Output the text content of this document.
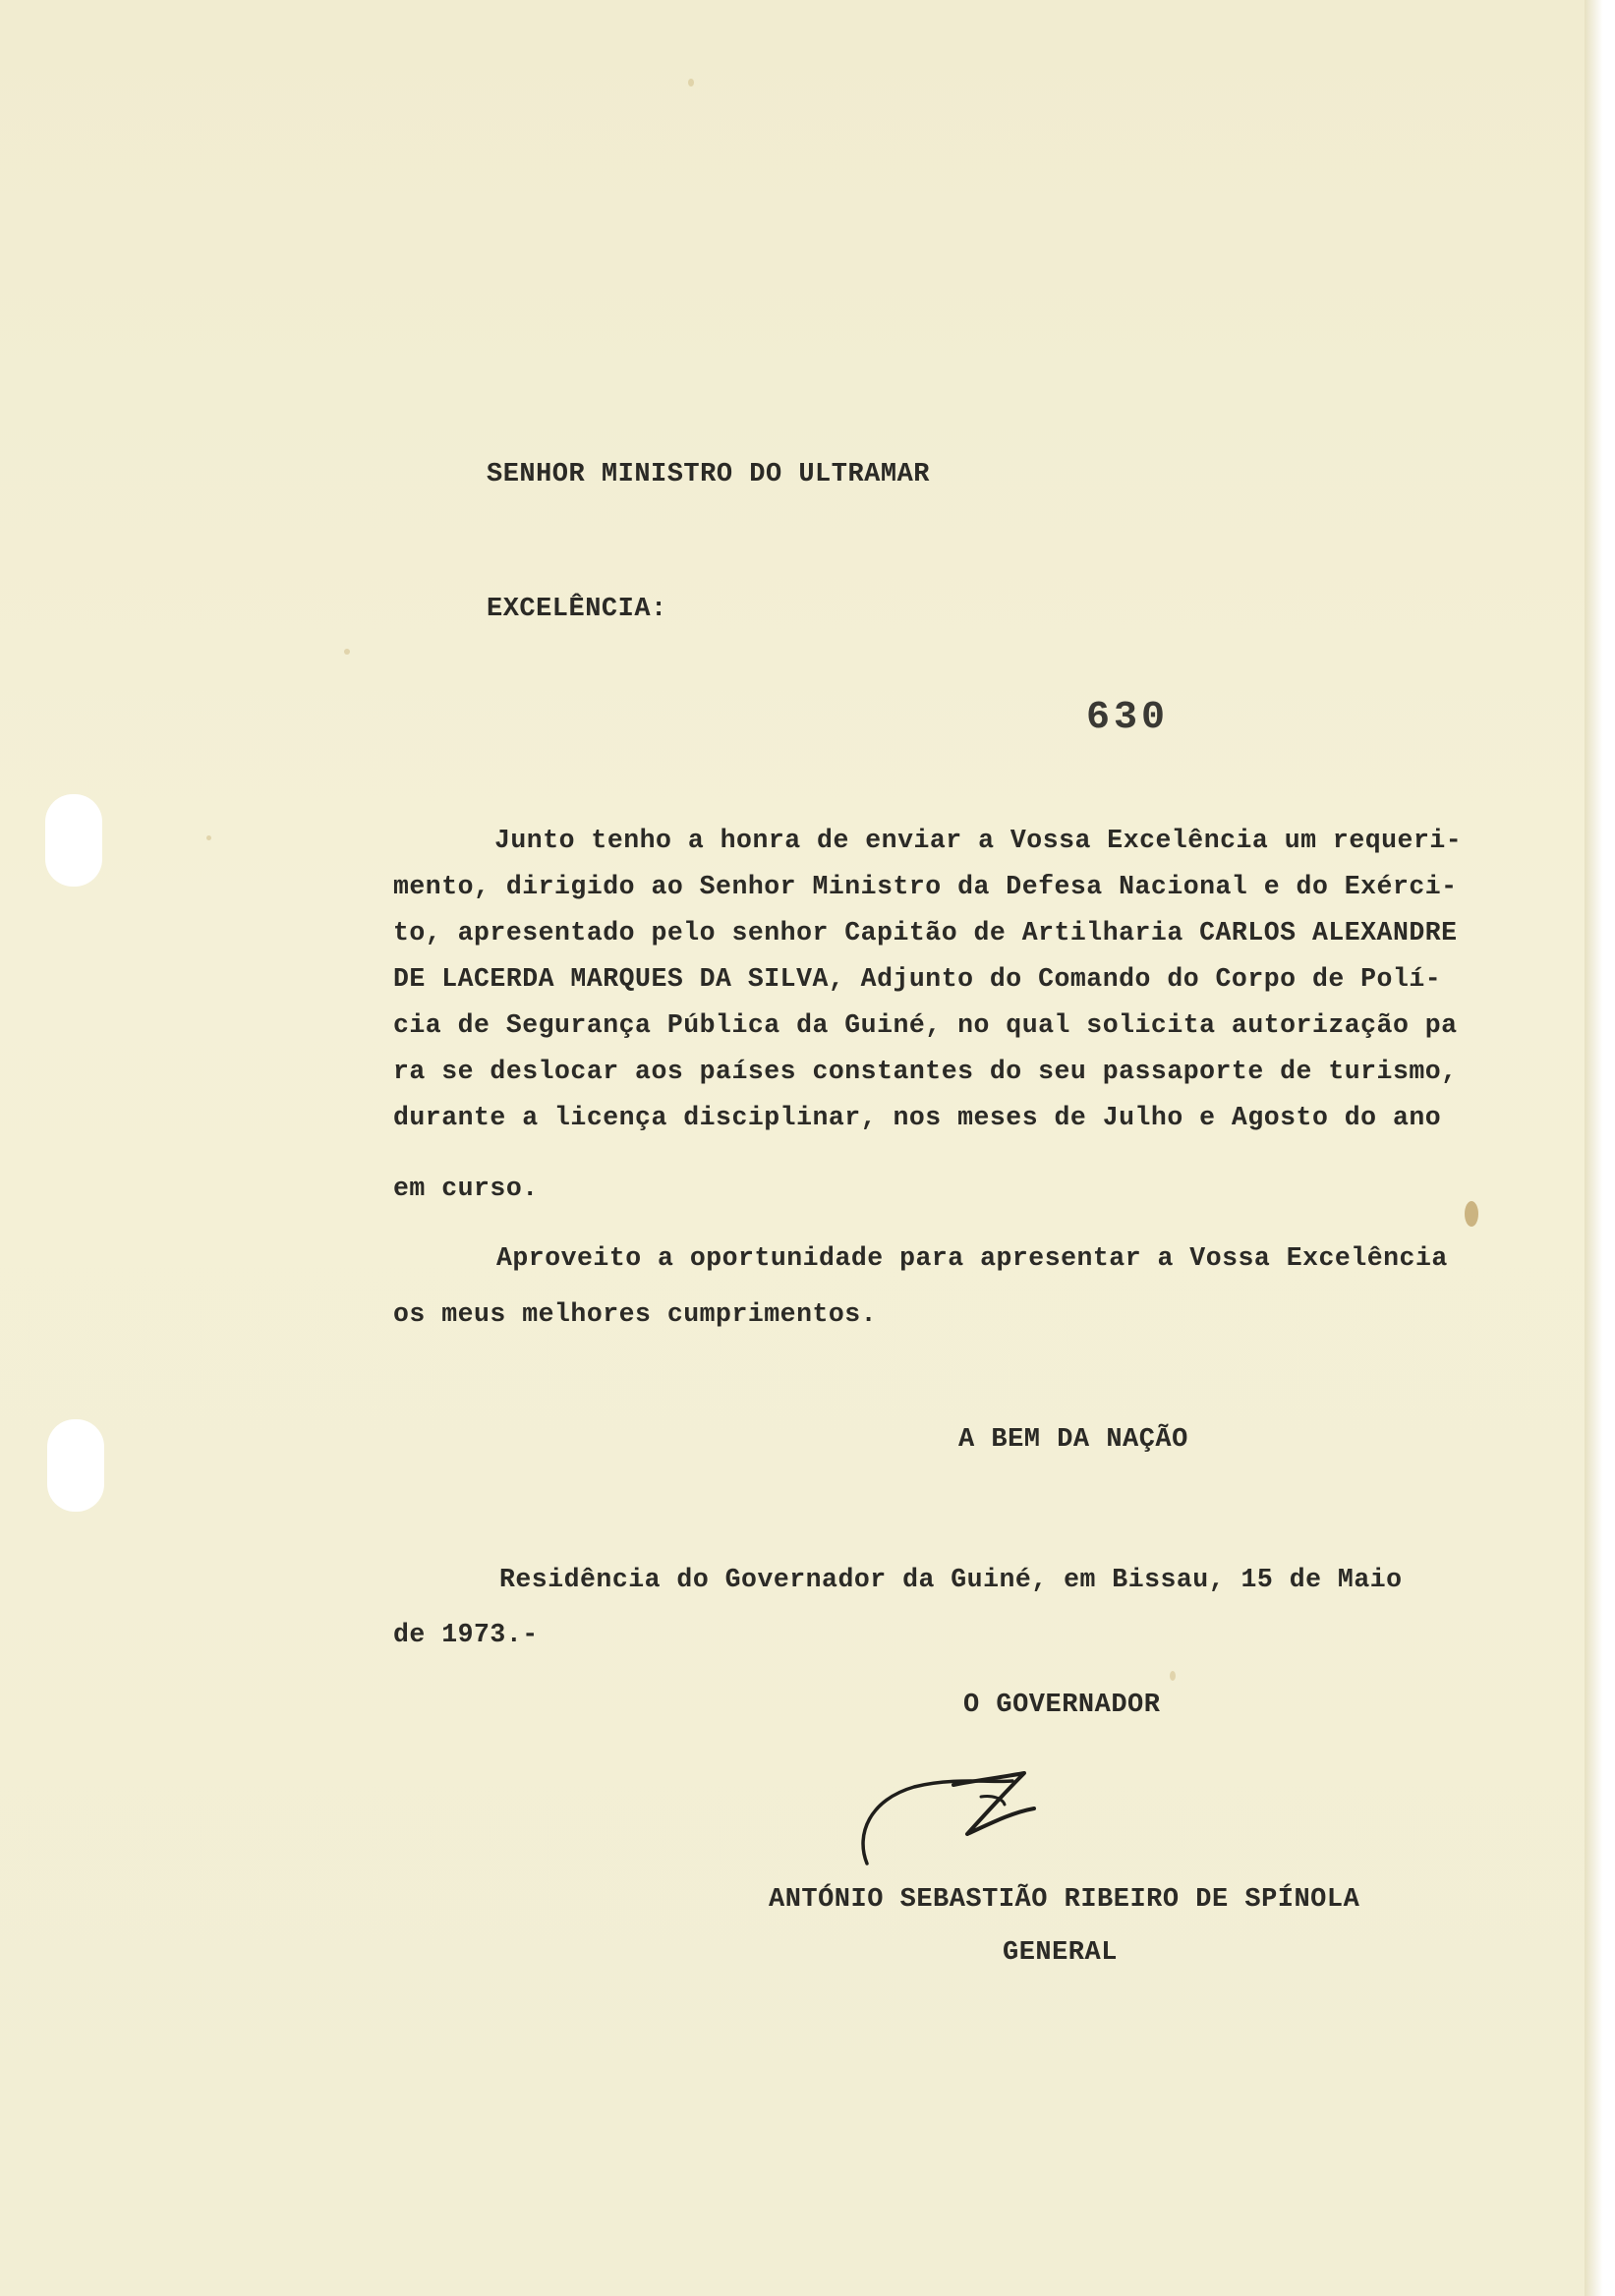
SENHOR MINISTRO DO ULTRAMAR
EXCELÊNCIA:
630
Junto tenho a honra de enviar a Vossa Excelência um requeri-
mento, dirigido ao Senhor Ministro da Defesa Nacional e do Exérci-
to, apresentado pelo senhor Capitão de Artilharia CARLOS ALEXANDRE
DE LACERDA MARQUES DA SILVA, Adjunto do Comando do Corpo de Polí-
cia de Segurança Pública da Guiné, no qual solicita autorização pa
ra se deslocar aos países constantes do seu passaporte de turismo,
durante a licença disciplinar, nos meses de Julho e Agosto do ano
em curso.
Aproveito a oportunidade para apresentar a Vossa Excelência
os meus melhores cumprimentos.
A BEM DA NAÇÃO
Residência do Governador da Guiné, em Bissau, 15 de Maio
de 1973.-
O GOVERNADOR
ANTÓNIO SEBASTIÃO RIBEIRO DE SPÍNOLA
GENERAL
